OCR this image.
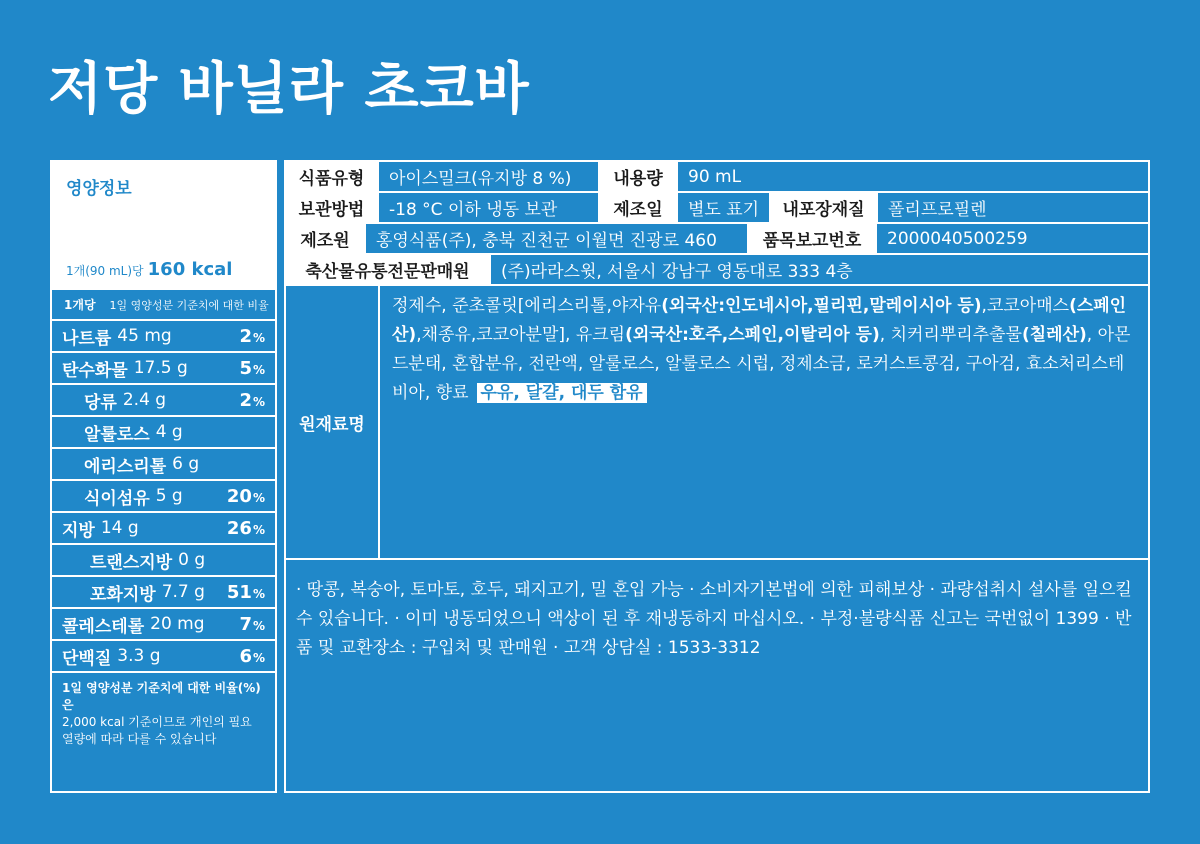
저당 바닐라 초코바
영양정보
1개(90 mL)당 160 kcal
1개당 1일 영양성분 기준치에 대한 비율
나트륨 45 mg	2%
탄수화물 17.5 g	5%
당류 2.4 g	2%
알룰로스 4 g
에리스리톨 6 g
식이섬유 5 g 20%
지방 14 g	26%
트랜스지방 0 g
포화지방 7.7 g 51%
콜레스테롤 20 mg 7%
단백질 3.3 g	6%
1일 영양성분 기준치에 대한 비율(%)은
2,000 kcal 기준이므로 개인의 필요 열량에 따라 다를 수 있습니다
식품유형	아이스밀크(유지방 8 %)	내용량	90 mL
보관방법	-18 °C 이하 냉동 보관	제조일	별도 표기	내포장재질	폴리프로필렌
제조원	홍영식품(주), 충북 진천군 이월면 진광로 460	품목보고번호	2000040500259
축산물유통전문판매원	(주)라라스윗, 서울시 강남구 영동대로 333 4층
원재료명
정제수, 준초콜릿[에리스리톨,야자유(외국산:인도네시아,필리핀,말레이시아 등),코코아매스(스페인산),채종유,코코아분말], 유크림(외국산:호주,스페인,이탈리아 등), 치커리뿌리추출물(칠레산), 아몬드분태, 혼합분유, 전란액, 알룰로스, 알룰로스 시럽, 정제소금, 로커스트콩검, 구아검, 효소처리스테비아, 향료 우유, 달걀, 대두 함유
· 땅콩, 복숭아, 토마토, 호두, 돼지고기, 밀 혼입 가능 · 소비자기본법에 의한 피해보상 · 과량섭취시 설사를 일으킬 수 있습니다. · 이미 냉동되었으니 액상이 된 후 재냉동하지 마십시오. · 부정·불량식품 신고는 국번없이 1399 · 반품 및 교환장소 : 구입처 및 판매원 · 고객 상담실 : 1533-3312
